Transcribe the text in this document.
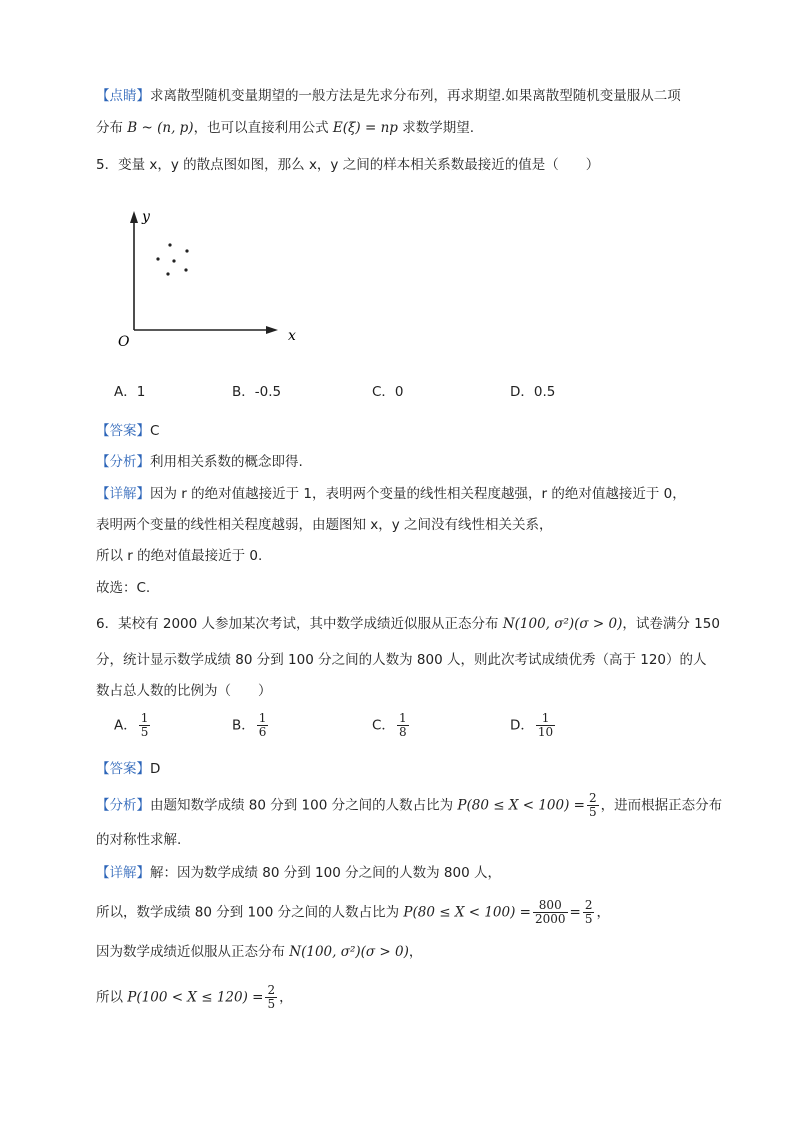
【点睛】求离散型随机变量期望的一般方法是先求分布列，再求期望.如果离散型随机变量服从二项
分布 B ~ (n, p)，也可以直接利用公式 E(ξ) = np 求数学期望.
5．变量 x，y 的散点图如图，那么 x，y 之间的样本相关系数最接近的值是（　　）
y
x
O
A．1	B．-0.5	C．0	D．0.5
【答案】C
【分析】利用相关系数的概念即得.
【详解】因为 r 的绝对值越接近于 1，表明两个变量的线性相关程度越强，r 的绝对值越接近于 0，
表明两个变量的线性相关程度越弱，由题图知 x，y 之间没有线性相关关系，
所以 r 的绝对值最接近于 0.
故选：C.
6．某校有 2000 人参加某次考试，其中数学成绩近似服从正态分布 N(100, σ²)(σ > 0)，试卷满分 150
分，统计显示数学成绩 80 分到 100 分之间的人数为 800 人，则此次考试成绩优秀（高于 120）的人
数占总人数的比例为（　　）
A． $\frac{1}{5}$	B． $\frac{1}{6}$	C． $\frac{1}{8}$	D． $\frac{1}{10}$
【答案】D
【分析】由题知数学成绩 80 分到 100 分之间的人数占比为 $P(80 \le X < 100) = \frac{2}{5}$ ，进而根据正态分布
的对称性求解.
【详解】解：因为数学成绩 80 分到 100 分之间的人数为 800 人，
所以，数学成绩 80 分到 100 分之间的人数占比为 $P(80 \le X < 100) = \frac{800}{2000} = \frac{2}{5}$ ，
因为数学成绩近似服从正态分布 N(100, σ²)(σ > 0)，
所以 $P(100 < X \le 120) = \frac{2}{5}$ ，
